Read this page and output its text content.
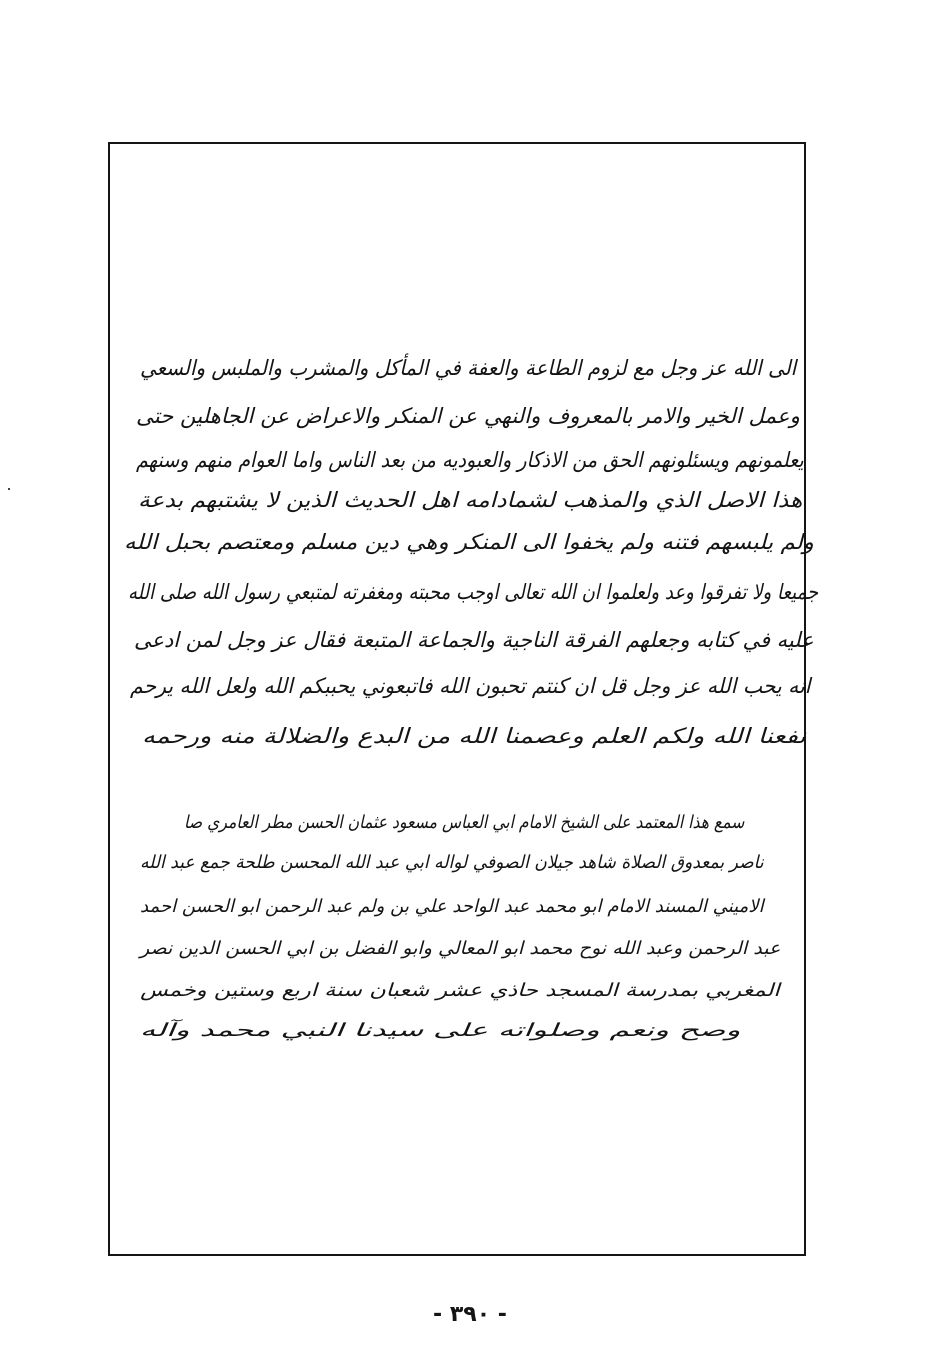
الى الله عز وجل مع لزوم الطاعة والعفة في المأكل والمشرب والملبس والسعي
وعمل الخير والامر بالمعروف والنهي عن المنكر والاعراض عن الجاهلين حتى
يعلمونهم ويسئلونهم الحق من الاذكار والعبوديه من بعد الناس واما العوام منهم وسنهم
هذا الاصل الذي والمذهب لشمادامه اهل الحديث الذين لا يشتبهم بدعة
ولم يلبسهم فتنه ولم يخفوا الى المنكر وهي دين مسلم ومعتصم بحبل الله
جميعا ولا تفرقوا وعد ولعلموا ان الله تعالى اوجب محبته ومغفرته لمتبعي رسول الله صلى الله
عليه في كتابه وجعلهم الفرقة الناجية والجماعة المتبعة فقال عز وجل لمن ادعى
انه يحب الله عز وجل قل ان كنتم تحبون الله فاتبعوني يحببكم الله ولعل الله يرحم
نفعنا الله ولكم العلم وعصمنا الله من البدع والضلالة منه ورحمه
سمع هذا المعتمد على الشيخ الامام ابي العباس مسعود عثمان الحسن مطر العامري صا
ناصر بمعدوق الصلاة شاهد جيلان الصوفي لواله ابي عبد الله المحسن طلحة جمع عبد الله
الاميني المسند الامام ابو محمد عبد الواحد علي بن ولم عبد الرحمن ابو الحسن احمد
عبد الرحمن وعبد الله نوح محمد ابو المعالي وابو الفضل بن ابي الحسن الدين نصر
المغربي بمدرسة المسجد حاذي عشر شعبان سنة اربع وستين وخمس
وصح ونعم وصلواته على سيدنا النبي محمد وآله
- ٣٩٠ -
